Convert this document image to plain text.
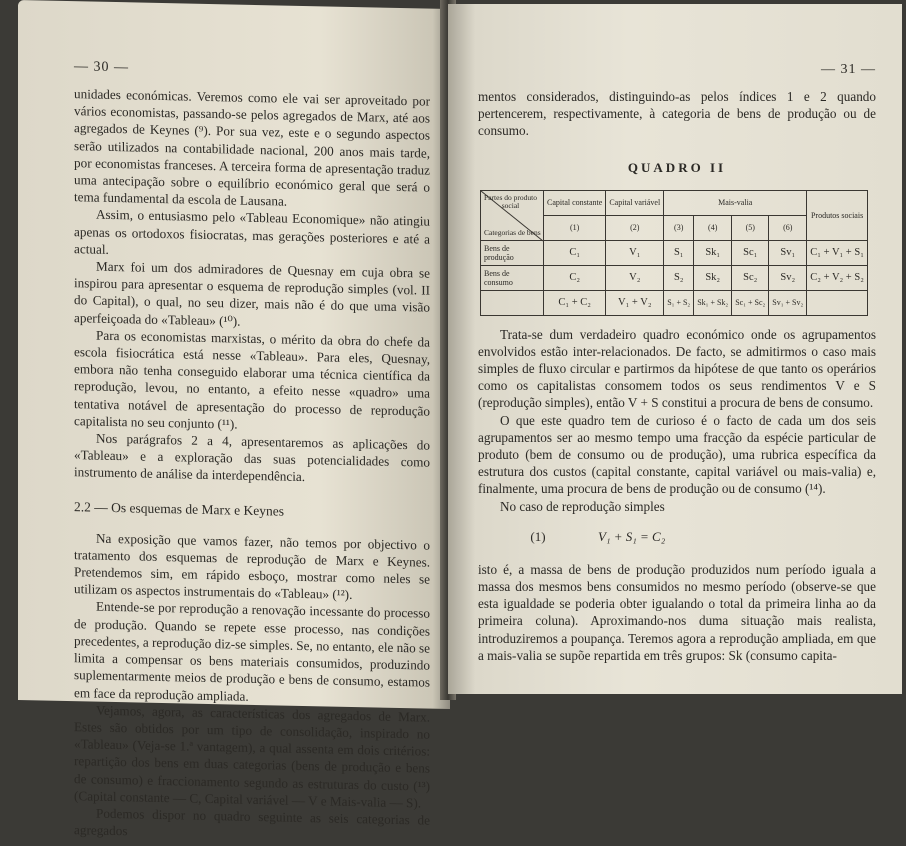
— 30 —

unidades económicas. Veremos como ele vai ser aproveitado por vários economistas, passando-se pelos agregados de Marx, até aos agregados de Keynes (⁹). Por sua vez, este e o segundo aspectos serão utilizados na contabilidade nacional, 200 anos mais tarde, por economistas franceses. A terceira forma de apresentação traduz uma antecipação sobre o equilíbrio económico geral que será o tema fundamental da escola de Lausana.

Assim, o entusiasmo pelo «Tableau Economique» não atingiu apenas os ortodoxos fisiocratas, mas gerações posteriores e até a actual.

Marx foi um dos admiradores de Quesnay em cuja obra se inspirou para apresentar o esquema de reprodução simples (vol. II do Capital), o qual, no seu dizer, mais não é do que uma visão aperfeiçoada do «Tableau» (¹⁰).

Para os economistas marxistas, o mérito da obra do chefe da escola fisiocrática está nesse «Tableau». Para eles, Quesnay, embora não tenha conseguido elaborar uma técnica científica da reprodução, levou, no entanto, a efeito nesse «quadro» uma tentativa notável de apresentação do processo de reprodução capitalista no seu conjunto (¹¹).

Nos parágrafos 2 a 4, apresentaremos as aplicações do «Tableau» e a exploração das suas potencialidades como instrumento de análise da interdependência.

2.2 — Os esquemas de Marx e Keynes

Na exposição que vamos fazer, não temos por objectivo o tratamento dos esquemas de reprodução de Marx e Keynes. Pretendemos sim, em rápido esboço, mostrar como neles se utilizam os aspectos instrumentais do «Tableau» (¹²).

Entende-se por reprodução a renovação incessante do processo de produção. Quando se repete esse processo, nas condições precedentes, a reprodução diz-se simples. Se, no entanto, ele não se limita a compensar os bens materiais consumidos, produzindo suplementarmente meios de produção e bens de consumo, estamos em face da reprodução ampliada.

Vejamos, agora, as características dos agregados de Marx. Estes são obtidos por um tipo de consolidação, inspirado no «Tableau» (Veja-se 1.ª vantagem), a qual assenta em dois critérios: repartição dos bens em duas categorias (bens de produção e bens de consumo) e fraccionamento segundo as estruturas do custo (¹³) (Capital constante — C, Capital variável — V e Mais-valia — S).

Podemos dispor no quadro seguinte as seis categorias de agregados

— 31 —

mentos considerados, distinguindo-as pelos índices 1 e 2 quando pertencerem, respectivamente, à categoria de bens de produção ou de consumo.

QUADRO II
Partes do produto social
Categorias de bens	Capital constante	Capital variável	Mais-valia				Produtos sociais
	(1)	(2)	(3)	(4)	(5)	(6)	
Bens de produção	C₁	V₁	S₁	Sk₁	Sc₁	Sv₁	C₁ + V₁ + S₁
Bens de consumo	C₂	V₂	S₂	Sk₂	Sc₂	Sv₂	C₂ + V₂ + S₂
	C₁ + C₂	V₁ + V₂	S₁ + S₂	Sk₁ + Sk₂	Sc₁ + Sc₂	Sv₁ + Sv₂	

Trata-se dum verdadeiro quadro económico onde os agrupamentos envolvidos estão inter-relacionados. De facto, se admitirmos o caso mais simples de fluxo circular e partirmos da hipótese de que tanto os operários como os capitalistas consomem todos os seus rendimentos V e S (reprodução simples), então V + S constitui a procura de bens de consumo.

O que este quadro tem de curioso é o facto de cada um dos seis agrupamentos ser ao mesmo tempo uma fracção da espécie particular de produto (bem de consumo ou de produção), uma rubrica específica da estrutura dos custos (capital constante, capital variável ou mais-valia) e, finalmente, uma procura de bens de produção ou de consumo (¹⁴).

No caso de reprodução simples

(1)	V₁ + S₁ = C₂

isto é, a massa de bens de produção produzidos num período iguala a massa dos mesmos bens consumidos no mesmo período (observe-se que esta igualdade se poderia obter igualando o total da primeira linha ao da primeira coluna). Aproximando-nos duma situação mais realista, introduziremos a poupança. Teremos agora a reprodução ampliada, em que a mais-valia se supõe repartida em três grupos: Sk (consumo capita-
